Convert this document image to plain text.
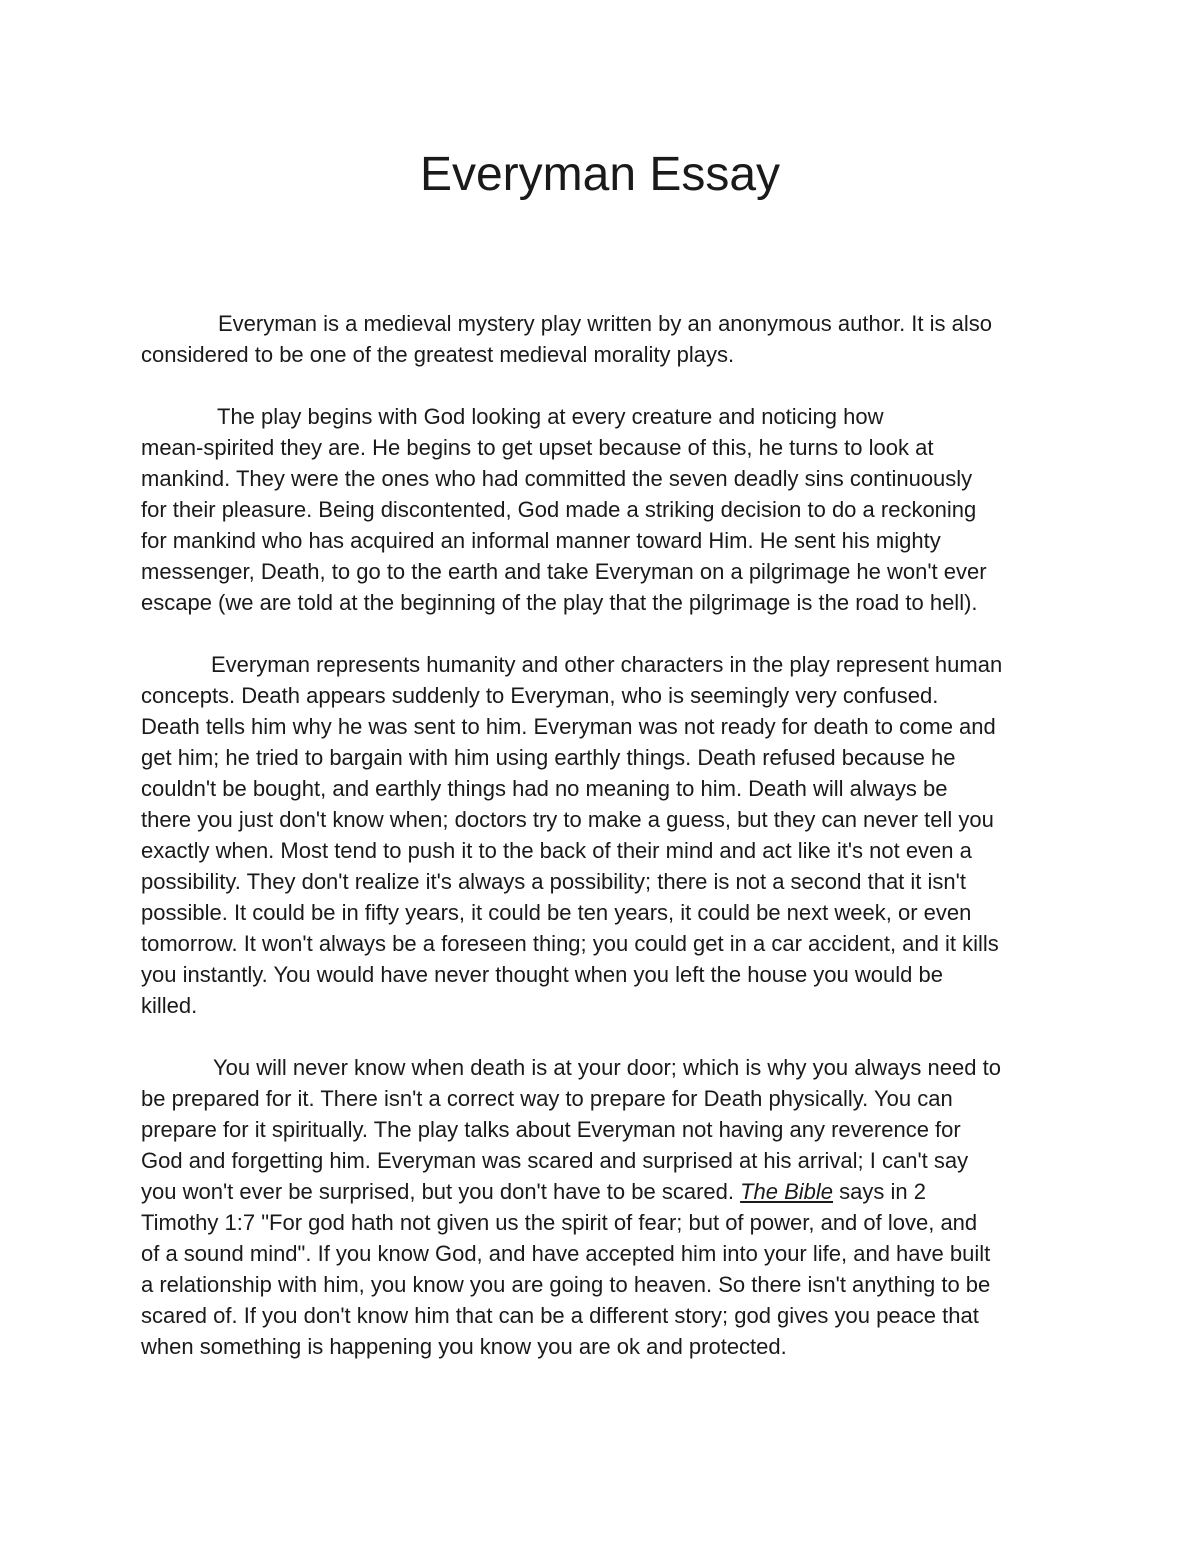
Everyman Essay

Everyman is a medieval mystery play written by an anonymous author. It is also
considered to be one of the greatest medieval morality plays.

The play begins with God looking at every creature and noticing how
mean-spirited they are. He begins to get upset because of this, he turns to look at
mankind. They were the ones who had committed the seven deadly sins continuously
for their pleasure. Being discontented, God made a striking decision to do a reckoning
for mankind who has acquired an informal manner toward Him. He sent his mighty
messenger, Death, to go to the earth and take Everyman on a pilgrimage he won't ever
escape (we are told at the beginning of the play that the pilgrimage is the road to hell).

Everyman represents humanity and other characters in the play represent human
concepts. Death appears suddenly to Everyman, who is seemingly very confused.
Death tells him why he was sent to him. Everyman was not ready for death to come and
get him; he tried to bargain with him using earthly things. Death refused because he
couldn't be bought, and earthly things had no meaning to him. Death will always be
there you just don't know when; doctors try to make a guess, but they can never tell you
exactly when. Most tend to push it to the back of their mind and act like it's not even a
possibility. They don't realize it's always a possibility; there is not a second that it isn't
possible. It could be in fifty years, it could be ten years, it could be next week, or even
tomorrow. It won't always be a foreseen thing; you could get in a car accident, and it kills
you instantly. You would have never thought when you left the house you would be
killed.

You will never know when death is at your door; which is why you always need to
be prepared for it. There isn't a correct way to prepare for Death physically. You can
prepare for it spiritually. The play talks about Everyman not having any reverence for
God and forgetting him. Everyman was scared and surprised at his arrival; I can't say
you won't ever be surprised, but you don't have to be scared. The Bible says in 2
Timothy 1:7 "For god hath not given us the spirit of fear; but of power, and of love, and
of a sound mind". If you know God, and have accepted him into your life, and have built
a relationship with him, you know you are going to heaven. So there isn't anything to be
scared of. If you don't know him that can be a different story; god gives you peace that
when something is happening you know you are ok and protected.
